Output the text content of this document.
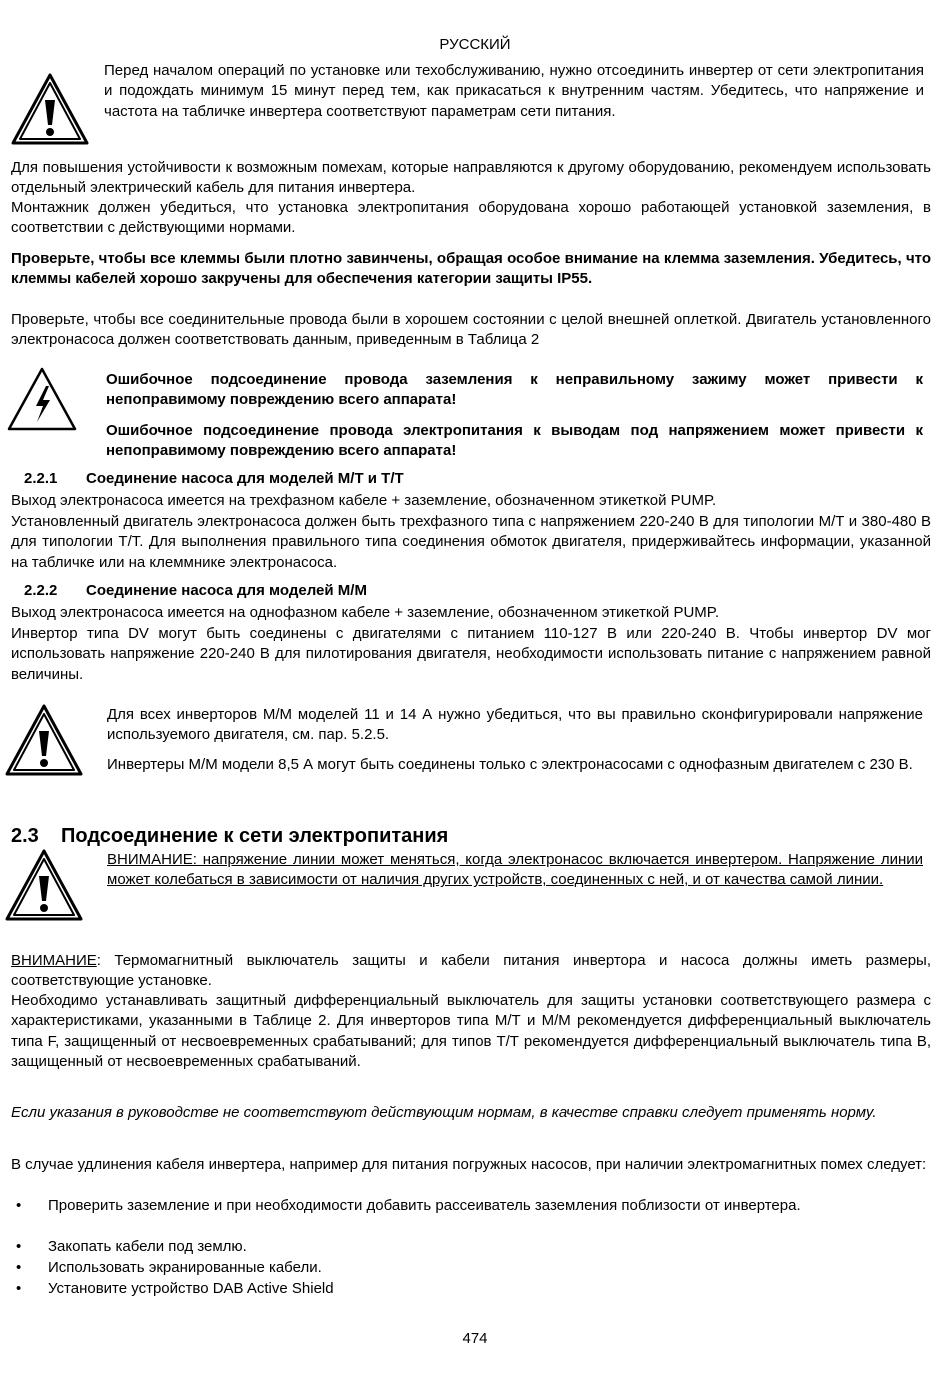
РУССКИЙ

Перед началом операций по установке или техобслуживанию, нужно отсоединить инвертер от сети электропитания и подождать минимум 15 минут перед тем, как прикасаться к внутренним частям. Убедитесь, что напряжение и частота на табличке инвертера соответствуют параметрам сети питания.

Для повышения устойчивости к возможным помехам, которые направляются к другому оборудованию, рекомендуем использовать отдельный электрический кабель для питания инвертера.

Монтажник должен убедиться, что установка электропитания оборудована хорошо работающей установкой заземления, в соответствии с действующими нормами.

Проверьте, чтобы все клеммы были плотно завинчены, обращая особое внимание на клемма заземления. Убедитесь, что клеммы кабелей хорошо закручены для обеспечения категории защиты IP55.

Проверьте, чтобы все соединительные провода были в хорошем состоянии с целой внешней оплеткой. Двигатель установленного электронасоса должен соответствовать данным, приведенным в Таблица 2

Ошибочное подсоединение провода заземления к неправильному зажиму может привести к непоправимому повреждению всего аппарата!

Ошибочное подсоединение провода электропитания к выводам под напряжением может привести к непоправимому повреждению всего аппарата!

2.2.1 Соединение насоса для моделей М/Т и Т/Т

Выход электронасоса имеется на трехфазном кабеле + заземление, обозначенном этикеткой PUMP.

Установленный двигатель электронасоса должен быть трехфазного типа с напряжением 220-240 В для типологии М/Т и 380-480 В для типологии Т/Т. Для выполнения правильного типа соединения обмоток двигателя, придерживайтесь информации, указанной на табличке или на клеммнике электронасоса.

2.2.2 Соединение насоса для моделей М/М

Выход электронасоса имеется на однофазном кабеле + заземление, обозначенном этикеткой PUMP.

Инвертор типа DV могут быть соединены с двигателями с питанием 110-127 В или 220-240 В. Чтобы инвертор DV мог использовать напряжение 220-240 В для пилотирования двигателя, необходимости использовать питание с напряжением равной величины.

Для всех инверторов М/М моделей 11 и 14 А нужно убедиться, что вы правильно сконфигурировали напряжение используемого двигателя, см. пар. 5.2.5.

Инвертеры М/М модели 8,5 А могут быть соединены только с электронасосами с однофазным двигателем с 230 В.

2.3 Подсоединение к сети электропитания

ВНИМАНИЕ: напряжение линии может меняться, когда электронасос включается инвертером. Напряжение линии может колебаться в зависимости от наличия других устройств, соединенных с ней, и от качества самой линии.

ВНИМАНИЕ: Термомагнитный выключатель защиты и кабели питания инвертора и насоса должны иметь размеры, соответствующие установке.

Необходимо устанавливать защитный дифференциальный выключатель для защиты установки соответствующего размера с характеристиками, указанными в Таблице 2. Для инверторов типа М/Т и М/М рекомендуется дифференциальный выключатель типа F, защищенный от несвоевременных срабатываний; для типов Т/Т рекомендуется дифференциальный выключатель типа В, защищенный от несвоевременных срабатываний.

Если указания в руководстве не соответствуют действующим нормам, в качестве справки следует применять норму.

В случае удлинения кабеля инвертера, например для питания погружных насосов, при наличии электромагнитных помех следует:

• Проверить заземление и при необходимости добавить рассеиватель заземления поблизости от инвертера.
• Закопать кабели под землю.
• Использовать экранированные кабели.
• Установите устройство DAB Active Shield
474
